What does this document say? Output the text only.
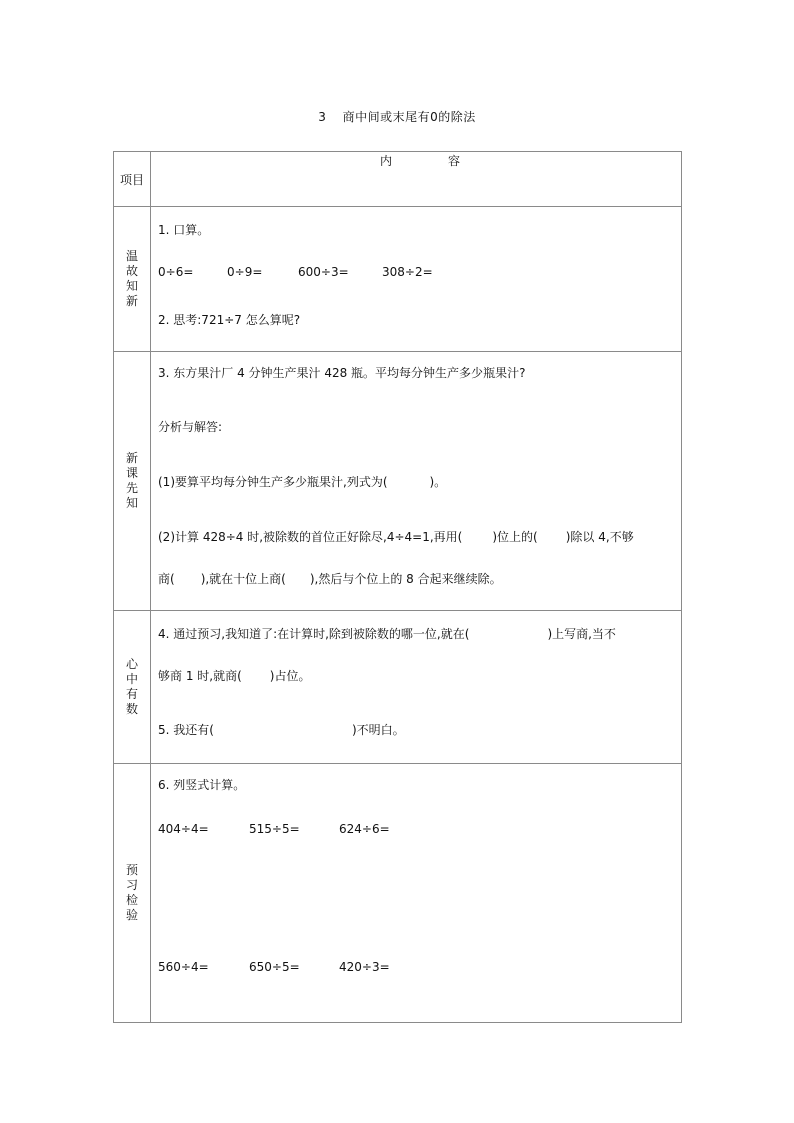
3 商中间或末尾有0的除法
项目	内　容

温故知新	1. 口算。
0÷6= 0÷9= 600÷3= 308÷2=
2. 思考:721÷7 怎么算呢?

新课先知	3. 东方果汁厂 4 分钟生产果汁 428 瓶。平均每分钟生产多少瓶果汁?
分析与解答:
(1)要算平均每分钟生产多少瓶果汁,列式为( )。
(2)计算 428÷4 时,被除数的首位正好除尽,4÷4=1,再用( )位上的( )除以 4,不够
商( ),就在十位上商( ),然后与个位上的 8 合起来继续除。

心中有数	4. 通过预习,我知道了:在计算时,除到被除数的哪一位,就在( )上写商,当不
够商 1 时,就商( )占位。
5. 我还有( )不明白。

预习检验	6. 列竖式计算。
404÷4= 515÷5= 624÷6=
560÷4= 650÷5= 420÷3=
